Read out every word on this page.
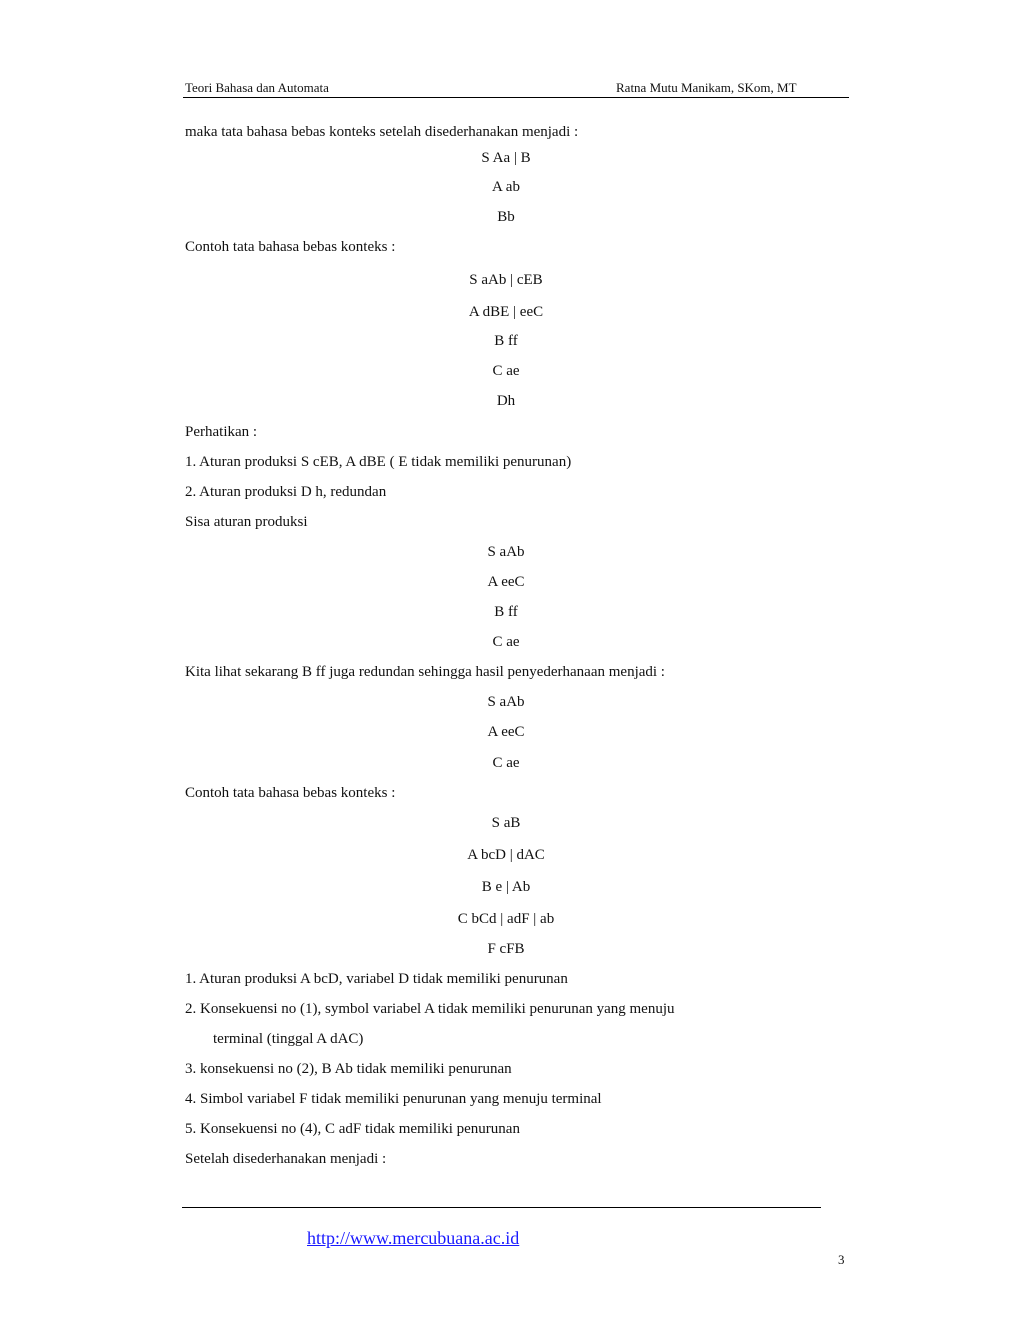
Teori Bahasa dan Automata	Ratna Mutu Manikam, SKom, MT
maka tata bahasa bebas konteks setelah disederhanakan menjadi :
S Aa | B
A ab
Bb
Contoh tata bahasa bebas konteks :
S aAb | cEB
A dBE | eeC
B ff
C ae
Dh
Perhatikan :
1. Aturan produksi S cEB, A dBE ( E tidak memiliki penurunan)
2. Aturan produksi D h, redundan
Sisa aturan produksi
S aAb
A eeC
B ff
C ae
Kita lihat sekarang B ff juga redundan sehingga hasil penyederhanaan menjadi :
S aAb
A eeC
C ae
Contoh tata bahasa bebas konteks :
S aB
A bcD | dAC
B e | Ab
C bCd | adF | ab
F cFB
1. Aturan produksi A bcD, variabel D tidak memiliki penurunan
2. Konsekuensi no (1), symbol variabel A tidak memiliki penurunan yang menuju
terminal (tinggal A dAC)
3. konsekuensi no (2), B Ab tidak memiliki penurunan
4. Simbol variabel F tidak memiliki penurunan yang menuju terminal
5. Konsekuensi no (4), C adF tidak memiliki penurunan
Setelah disederhanakan menjadi :
http://www.mercubuana.ac.id
3
